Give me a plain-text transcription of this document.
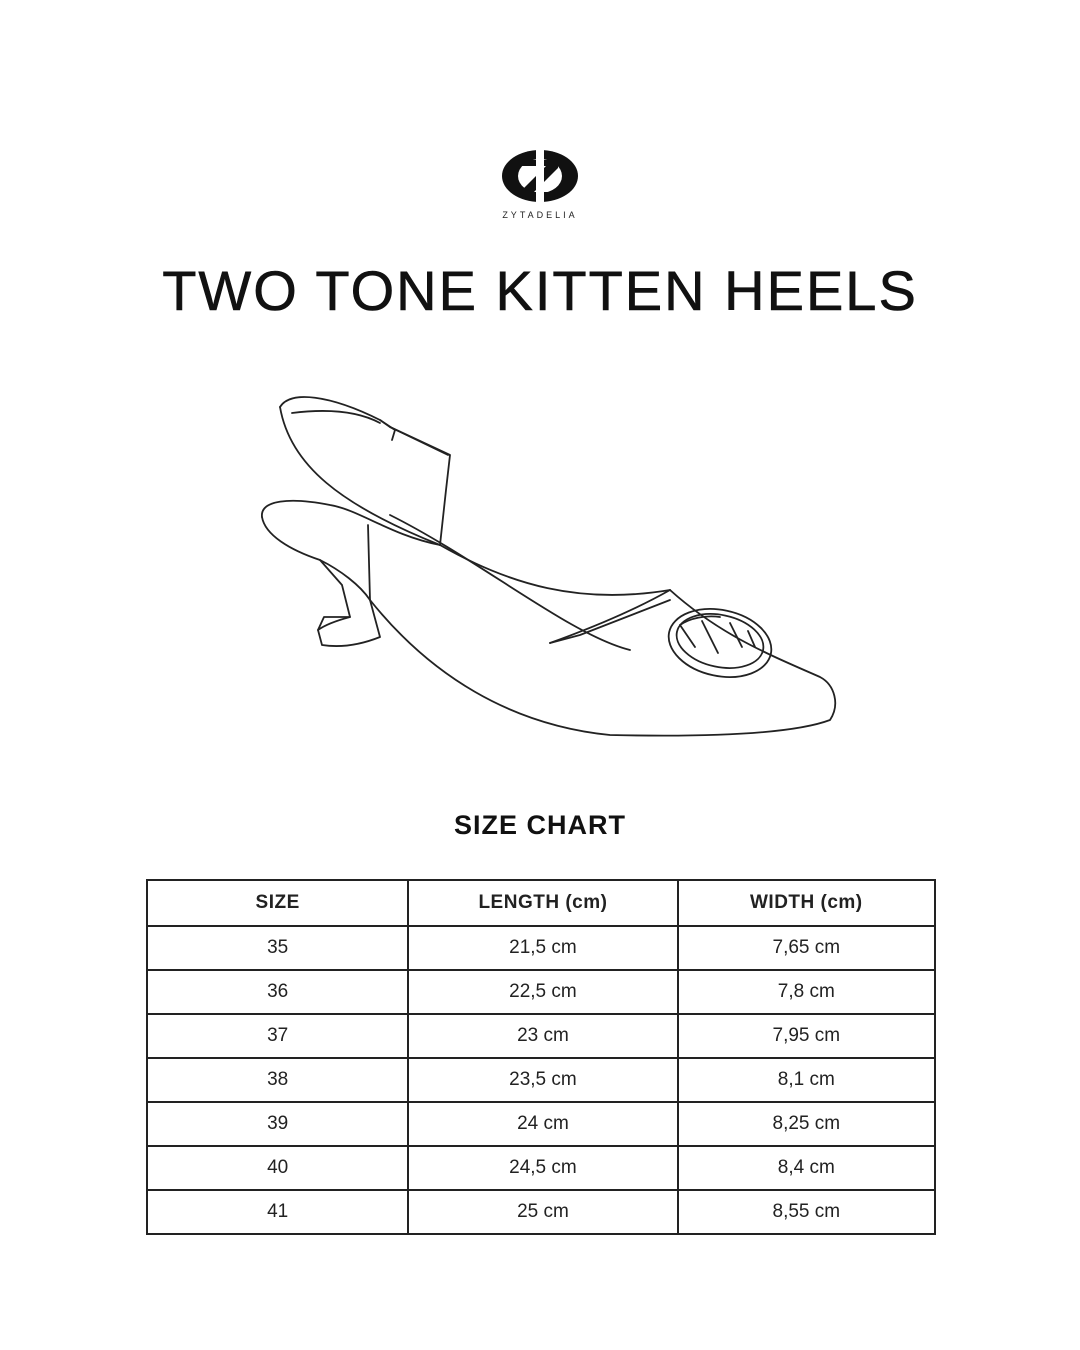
ZYTADELIA
TWO TONE KITTEN HEELS
SIZE CHART
SIZE	LENGTH (cm)	WIDTH (cm)
35	21,5 cm	7,65 cm
36	22,5 cm	7,8 cm
37	23 cm	7,95 cm
38	23,5 cm	8,1 cm
39	24 cm	8,25 cm
40	24,5 cm	8,4 cm
41	25 cm	8,55 cm
